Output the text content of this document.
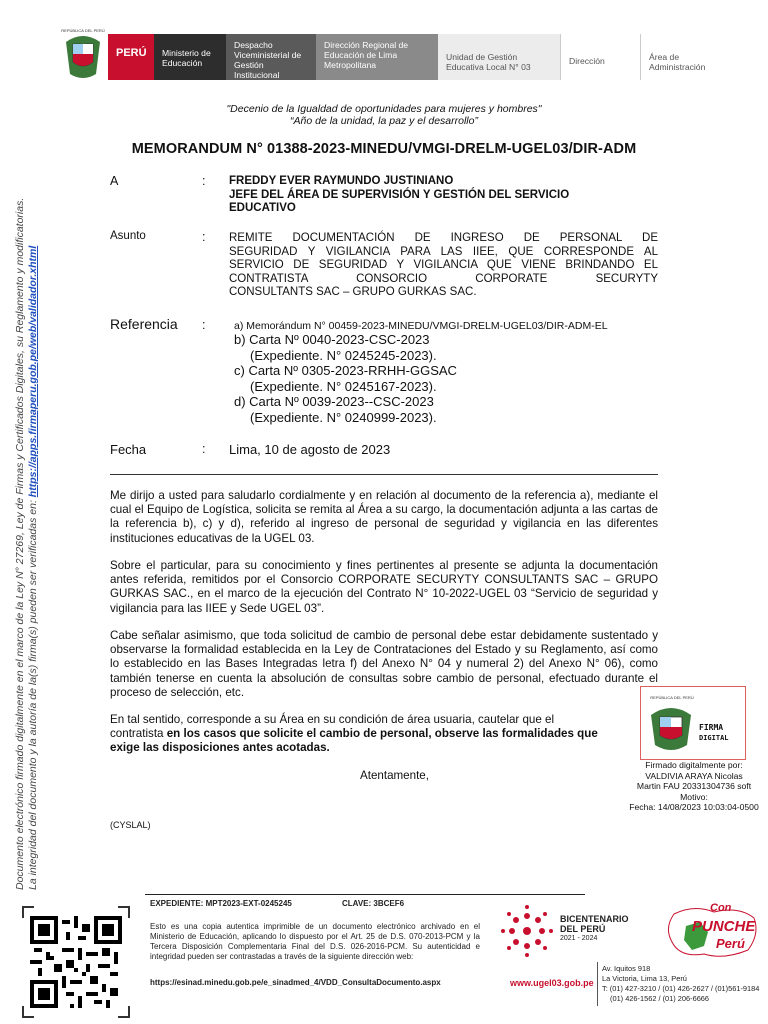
REPÚBLICA DEL PERÚ
PERÚ	Ministerio de Educación
Despacho Viceministerial de Gestión Institucional
Dirección Regional de Educación de Lima Metropolitana
Unidad de Gestión Educativa Local N° 03
Dirección	Área de Administración
"Decenio de la Igualdad de oportunidades para mujeres y hombres"
“Año de la unidad, la paz y el desarrollo”
MEMORANDUM N° 01388-2023-MINEDU/VMGI-DRELM-UGEL03/DIR-ADM
A	: FREDDY EVER RAYMUNDO JUSTINIANO
JEFE DEL ÁREA DE SUPERVISIÓN Y GESTIÓN DEL SERVICIO
EDUCATIVO
Asunto	: REMITE DOCUMENTACIÓN DE INGRESO DE PERSONAL DE
SEGURIDAD Y VIGILANCIA PARA LAS IIEE, QUE CORRESPONDE AL
SERVICIO DE SEGURIDAD Y VIGILANCIA QUE VIENE BRINDANDO EL
CONTRATISTA CONSORCIO CORPORATE SECURYTY
CONSULTANTS SAC – GRUPO GURKAS SAC.
Referencia :	a) Memorándum N° 00459-2023-MINEDU/VMGI-DRELM-UGEL03/DIR-ADM-EL
b) Carta Nº 0040-2023-CSC-2023
(Expediente. N° 0245245-2023).
c) Carta Nº 0305-2023-RRHH-GGSAC
(Expediente. N° 0245167-2023).
d) Carta Nº 0039-2023--CSC-2023
(Expediente. N° 0240999-2023).
Fecha	: Lima, 10 de agosto de 2023
Me dirijo a usted para saludarlo cordialmente y en relación al documento de la referencia a), mediante el cual el Equipo de Logística, solicita se remita al Área a su cargo, la documentación adjunta a las cartas de la referencia b), c) y d), referido al ingreso de personal de seguridad y vigilancia en las diferentes instituciones educativas de la UGEL 03.
Sobre el particular, para su conocimiento y fines pertinentes al presente se adjunta la documentación antes referida, remitidos por el Consorcio CORPORATE SECURYTY CONSULTANTS SAC – GRUPO GURKAS SAC., en el marco de la ejecución del Contrato N° 10-2022-UGEL 03 “Servicio de seguridad y vigilancia para las IIEE y Sede UGEL 03”.
Cabe señalar asimismo, que toda solicitud de cambio de personal debe estar debidamente sustentado y observarse la formalidad establecida en la Ley de Contrataciones del Estado y su Reglamento, así como lo establecido en las Bases Integradas letra f) del Anexo N° 04 y numeral 2) del Anexo N° 06), como también tenerse en cuenta la absolución de consultas sobre cambio de personal, efectuado durante el proceso de selección, etc.
En tal sentido, corresponde a su Área en su condición de área usuaria, cautelar que el
contratista en los casos que solicite el cambio de personal, observe las formalidades que
exige las disposiciones antes acotadas.
Atentamente,
(CYSLAL)
REPÚBLICA DEL PERÚ
FIRMA
DIGITAL
Firmado digitalmente por:
VALDIVIA ARAYA Nicolas
Martin FAU 20331304736 soft
Motivo:
Fecha: 14/08/2023 10:03:04-0500
Documento electrónico firmado digitalmente en el marco de la Ley N° 27269, Ley de Firmas y Certificados Digitales, su Reglamento y modificatorias. La integridad del documento y la autoría de la(s) firma(s) pueden ser verificadas en: https://apps.firmaperu.gob.pe/web/validador.xhtml
EXPEDIENTE: MPT2023-EXT-0245245	CLAVE: 3BCEF6
Esto es una copia autentica imprimible de un documento electrónico archivado en el Ministerio de Educación, aplicando lo dispuesto por el Art. 25 de D.S. 070-2013-PCM y la Tercera Disposición Complementaria Final del D.S. 026-2016-PCM. Su autenticidad e integridad pueden ser contrastadas a través de la siguiente dirección web:
https://esinad.minedu.gob.pe/e_sinadmed_4/VDD_ConsultaDocumento.aspx
BICENTENARIO
DEL PERÚ
2021 - 2024
Con
PUNCHE
Perú
www.ugel03.gob.pe
Av. Iquitos 918
La Victoria, Lima 13, Perú
T: (01) 427-3210 / (01) 426-2627 / (01)561-9184
(01) 426-1562 / (01) 206-6666
